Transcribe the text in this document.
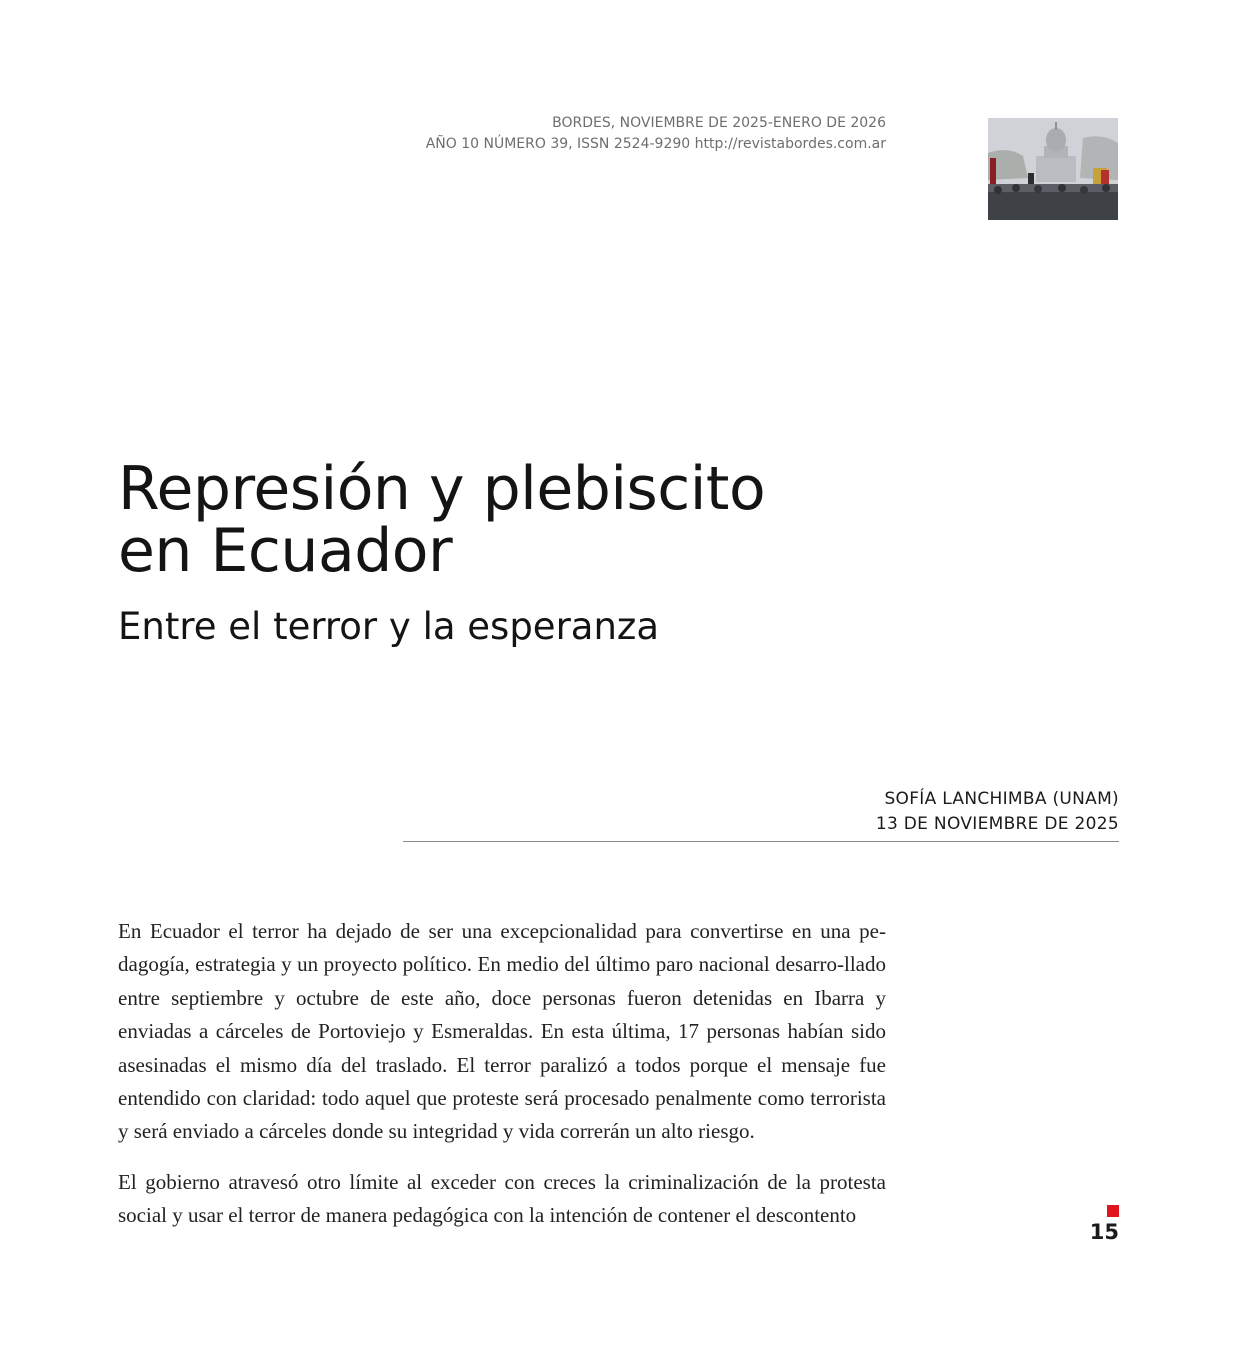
BORDES, NOVIEMBRE DE 2025-ENERO DE 2026
AÑO 10 NÚMERO 39, ISSN 2524-9290 http://revistabordes.com.ar
Represión y plebiscito
en Ecuador
Entre el terror y la esperanza
SOFÍA LANCHIMBA (UNAM)
13 DE NOVIEMBRE DE 2025

En Ecuador el terror ha dejado de ser una excepcionalidad para convertirse en una pe-dagogía, estrategia y un proyecto político. En medio del último paro nacional desarro-llado entre septiembre y octubre de este año, doce personas fueron detenidas en Ibarra y enviadas a cárceles de Portoviejo y Esmeraldas. En esta última, 17 personas habían sido asesinadas el mismo día del traslado. El terror paralizó a todos porque el mensaje fue entendido con claridad: todo aquel que proteste será procesado penalmente como terrorista y será enviado a cárceles donde su integridad y vida correrán un alto riesgo.

El gobierno atravesó otro límite al exceder con creces la criminalización de la protesta social y usar el terror de manera pedagógica con la intención de contener el descontento

15
